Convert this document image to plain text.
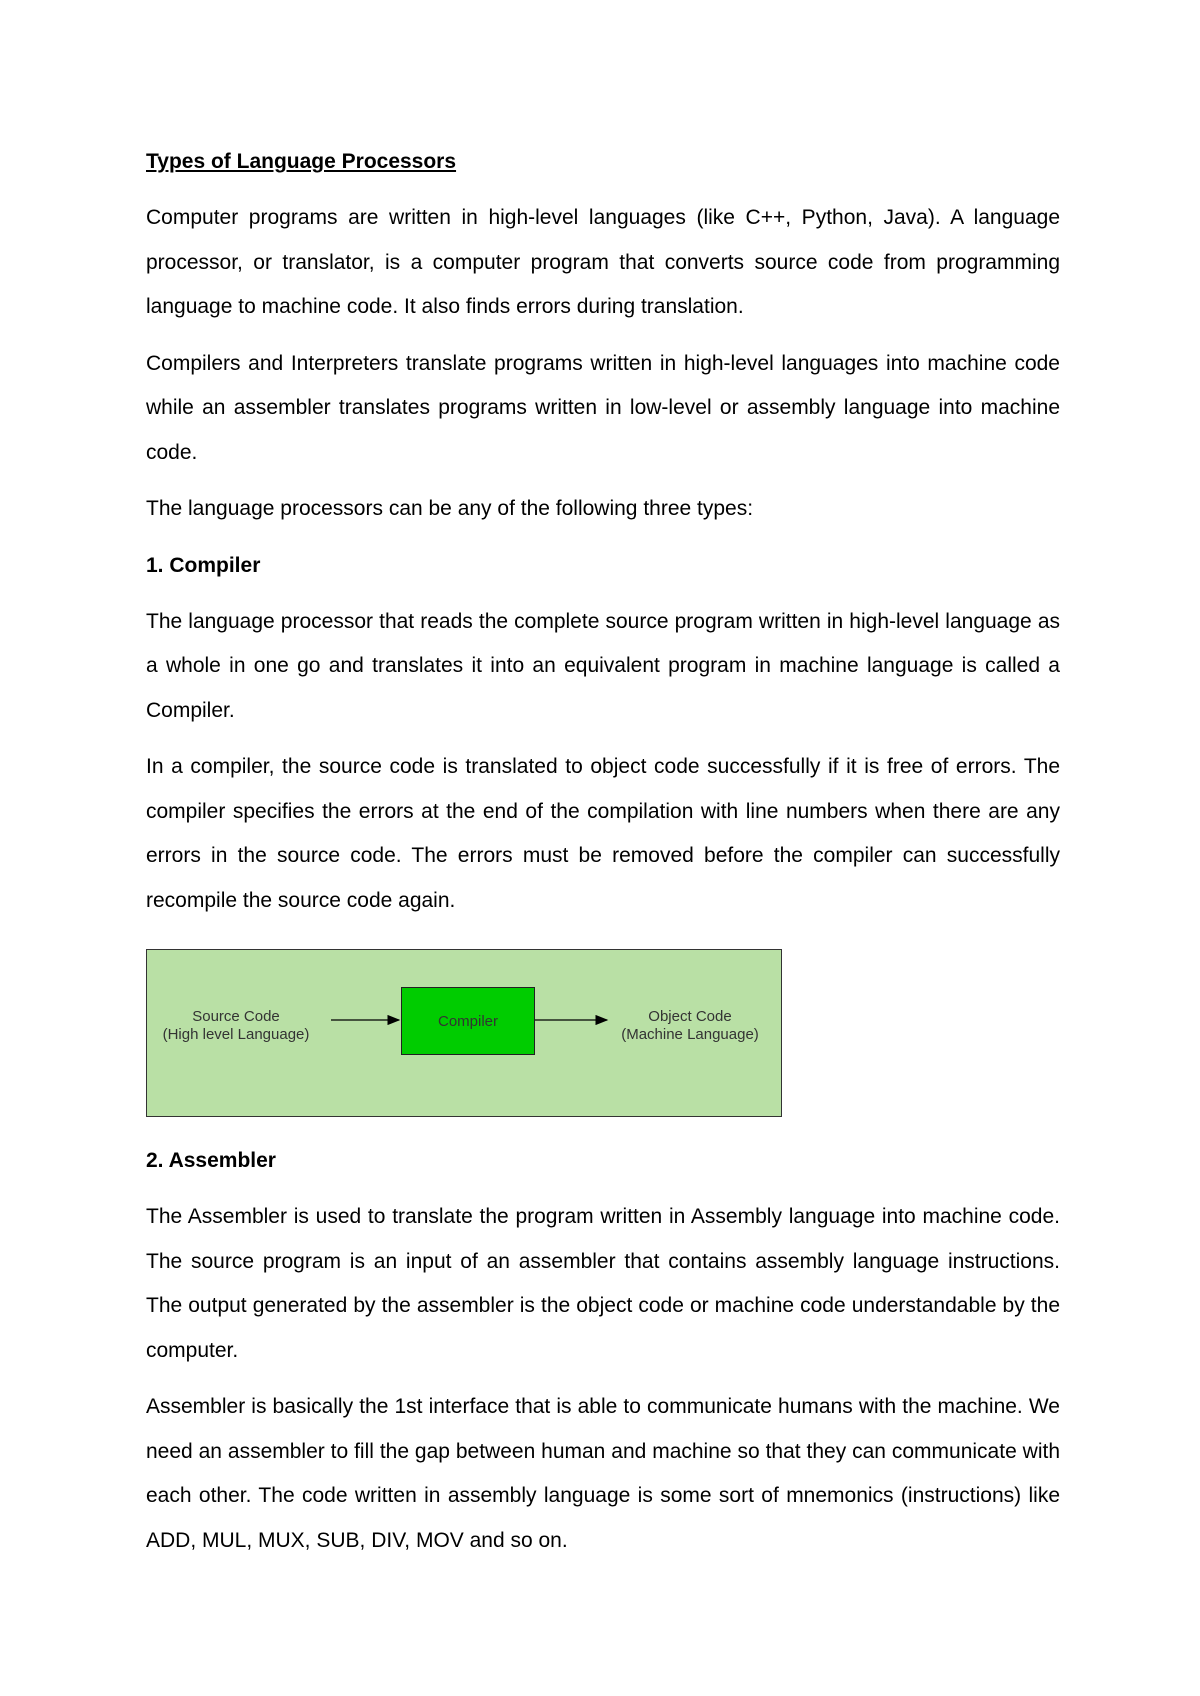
Types of Language Processors

Computer programs are written in high-level languages (like C++, Python, Java). A language processor, or translator, is a computer program that converts source code from programming language to machine code. It also finds errors during translation.

Compilers and Interpreters translate programs written in high-level languages into machine code while an assembler translates programs written in low-level or assembly language into machine code.

The language processors can be any of the following three types:

1. Compiler

The language processor that reads the complete source program written in high-level language as a whole in one go and translates it into an equivalent program in machine language is called a Compiler.

In a compiler, the source code is translated to object code successfully if it is free of errors. The compiler specifies the errors at the end of the compilation with line numbers when there are any errors in the source code. The errors must be removed before the compiler can successfully recompile the source code again.

Source Code
(High level Language)
Compiler	Object Code
(Machine Language)
2. Assembler

The Assembler is used to translate the program written in Assembly language into machine code. The source program is an input of an assembler that contains assembly language instructions. The output generated by the assembler is the object code or machine code understandable by the computer.

Assembler is basically the 1st interface that is able to communicate humans with the machine. We need an assembler to fill the gap between human and machine so that they can communicate with each other. The code written in assembly language is some sort of mnemonics (instructions) like ADD, MUL, MUX, SUB, DIV, MOV and so on.
